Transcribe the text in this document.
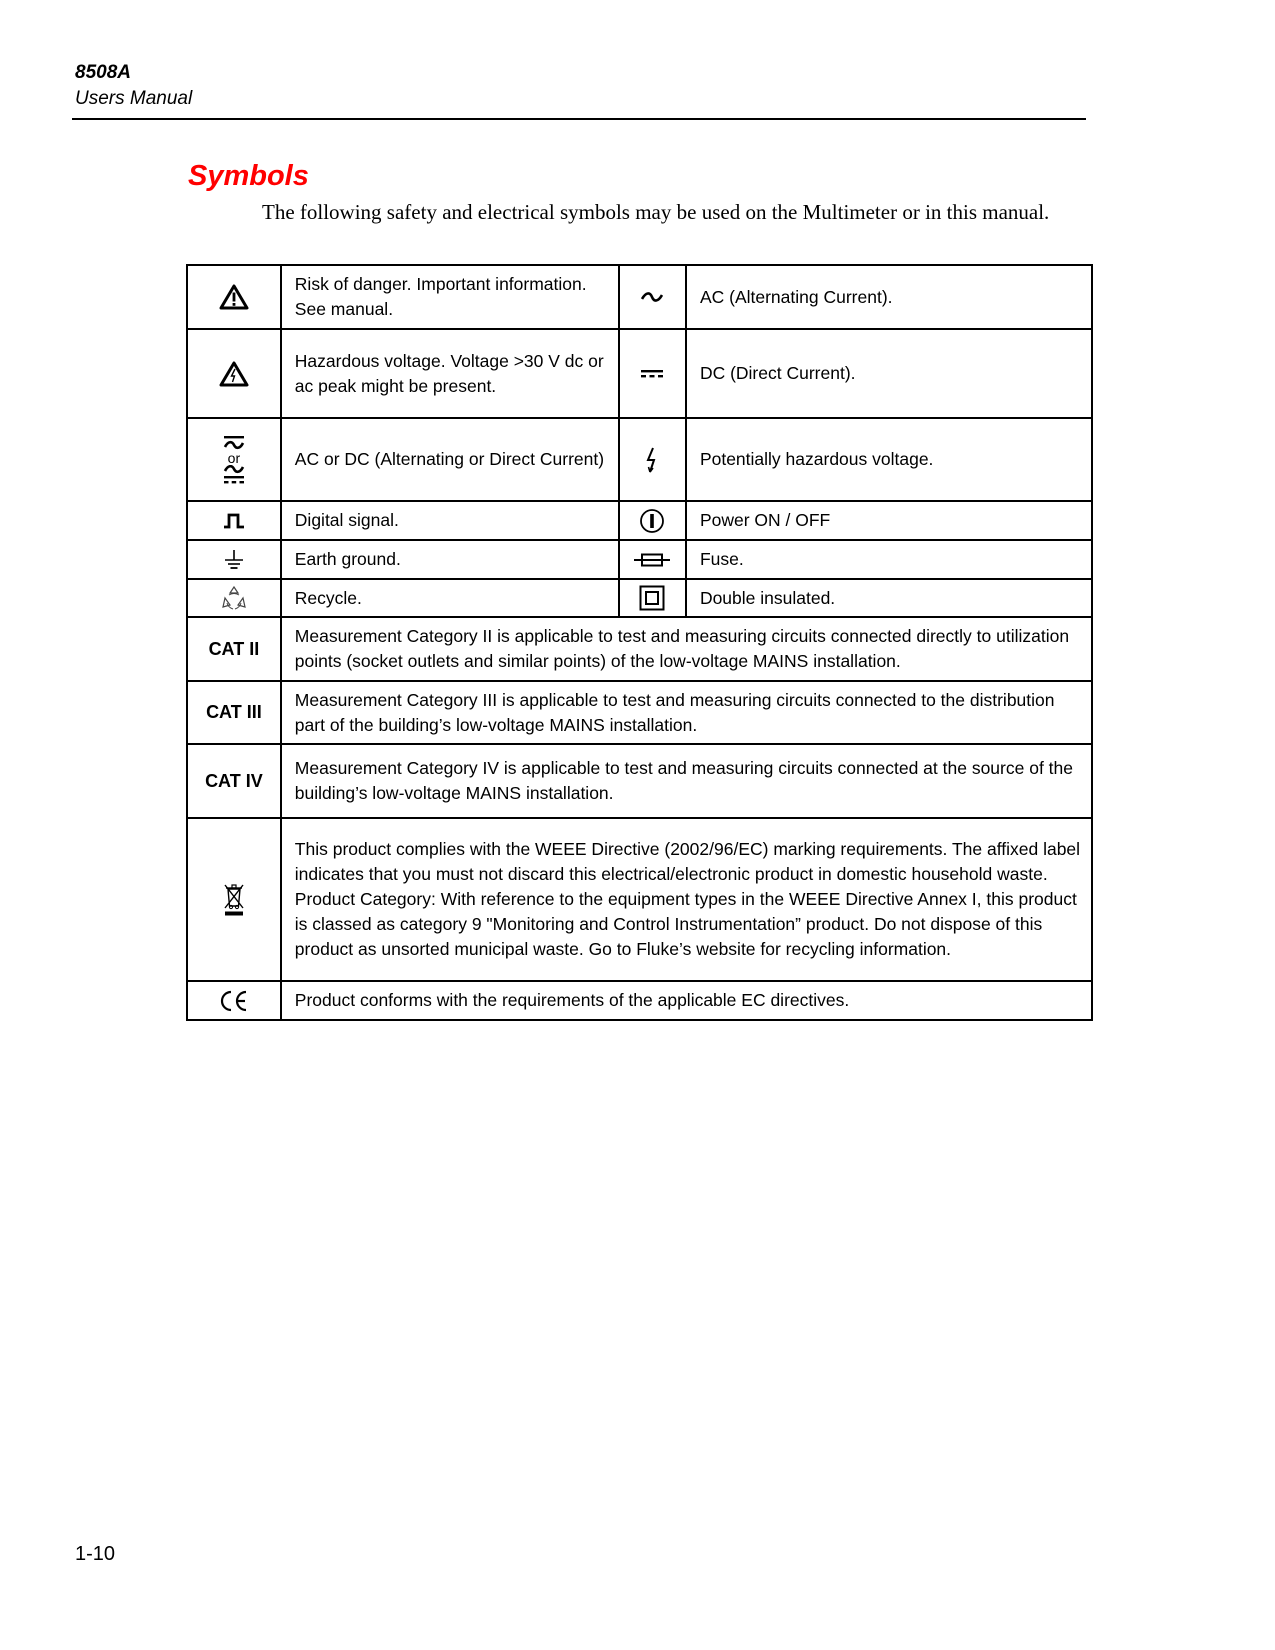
8508A
Users Manual
Symbols
The following safety and electrical symbols may be used on the Multimeter or in this manual.
	Risk of danger. Important information. See manual.		AC (Alternating Current).

	Hazardous voltage. Voltage >30 V dc or ac peak might be present.		DC (Direct Current).

or	AC or DC (Alternating or Direct Current)		Potentially hazardous voltage.

	Digital signal.		Power ON / OFF

	Earth ground.		Fuse.

	Recycle.		Double insulated.
CAT II	Measurement Category II is applicable to test and measuring circuits connected directly to utilization points (socket outlets and similar points) of the low-voltage MAINS installation.		
CAT III	Measurement Category III is applicable to test and measuring circuits connected to the distribution part of the building’s low-voltage MAINS installation.		
CAT IV	Measurement Category IV is applicable to test and measuring circuits connected at the source of the building’s low-voltage MAINS installation.		

	This product complies with the WEEE Directive (2002/96/EC) marking requirements. The affixed label indicates that you must not discard this electrical/electronic product in domestic household waste. Product Category: With reference to the equipment types in the WEEE Directive Annex I, this product is classed as category 9 "Monitoring and Control Instrumentation” product. Do not dispose of this product as unsorted municipal waste. Go to Fluke’s website for recycling information.		

	Product conforms with the requirements of the applicable EC directives.		
1-10
